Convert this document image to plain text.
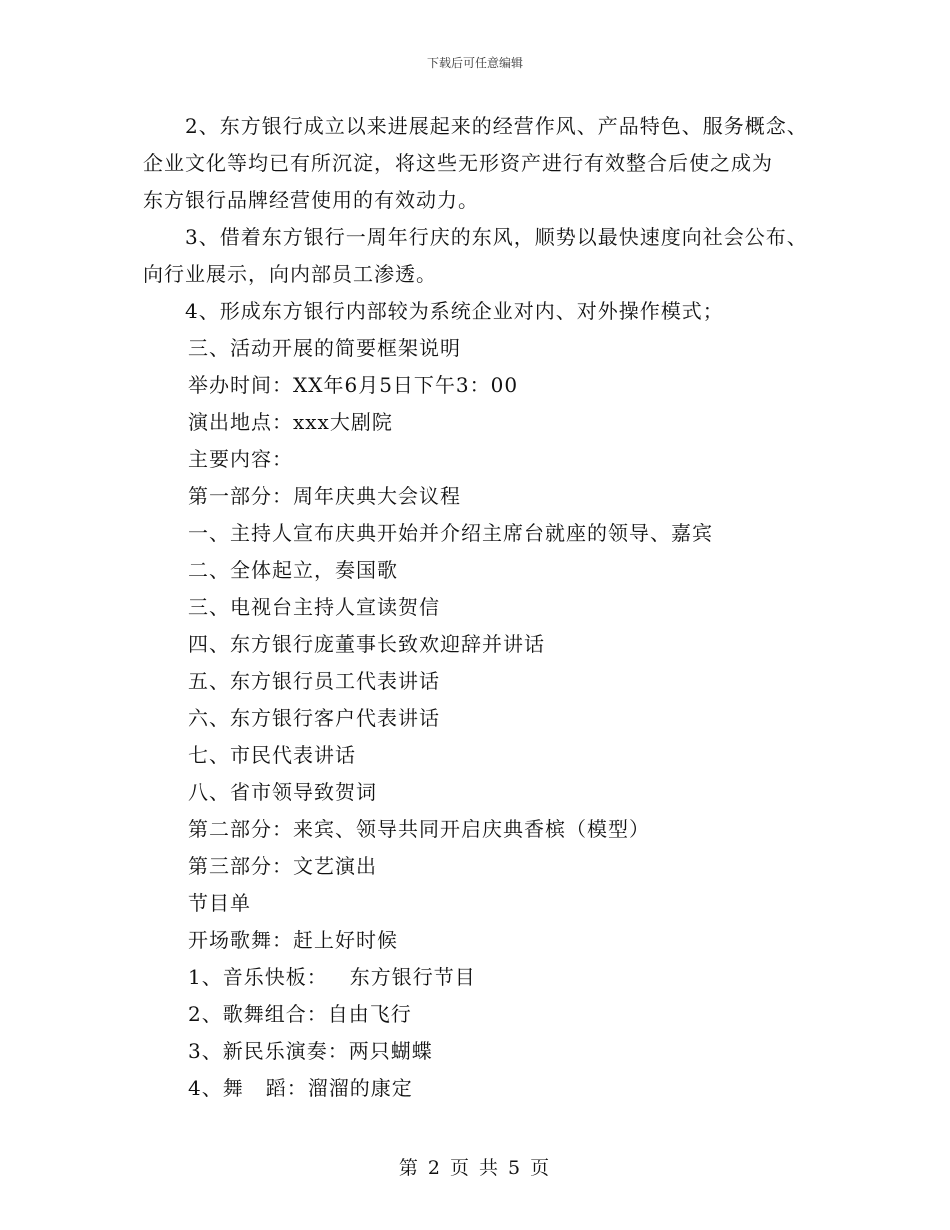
下载后可任意编辑
2、东方银行成立以来进展起来的经营作风、产品特色、服务概念、
企业文化等均已有所沉淀，将这些无形资产进行有效整合后使之成为
东方银行品牌经营使用的有效动力。
3、借着东方银行一周年行庆的东风，顺势以最快速度向社会公布、
向行业展示，向内部员工渗透。
4、形成东方银行内部较为系统企业对内、对外操作模式；
三、活动开展的简要框架说明
举办时间：XX年6月5日下午3：00
演出地点：xxx大剧院
主要内容：
第一部分：周年庆典大会议程
一、主持人宣布庆典开始并介绍主席台就座的领导、嘉宾
二、全体起立，奏国歌
三、电视台主持人宣读贺信
四、东方银行庞董事长致欢迎辞并讲话
五、东方银行员工代表讲话
六、东方银行客户代表讲话
七、市民代表讲话
八、省市领导致贺词
第二部分：来宾、领导共同开启庆典香槟（模型）
第三部分：文艺演出
节目单
开场歌舞：赶上好时候
1、音乐快板：   东方银行节目
2、歌舞组合：自由飞行
3、新民乐演奏：两只蝴蝶
4、舞   蹈：溜溜的康定
第 2 页 共 5 页
